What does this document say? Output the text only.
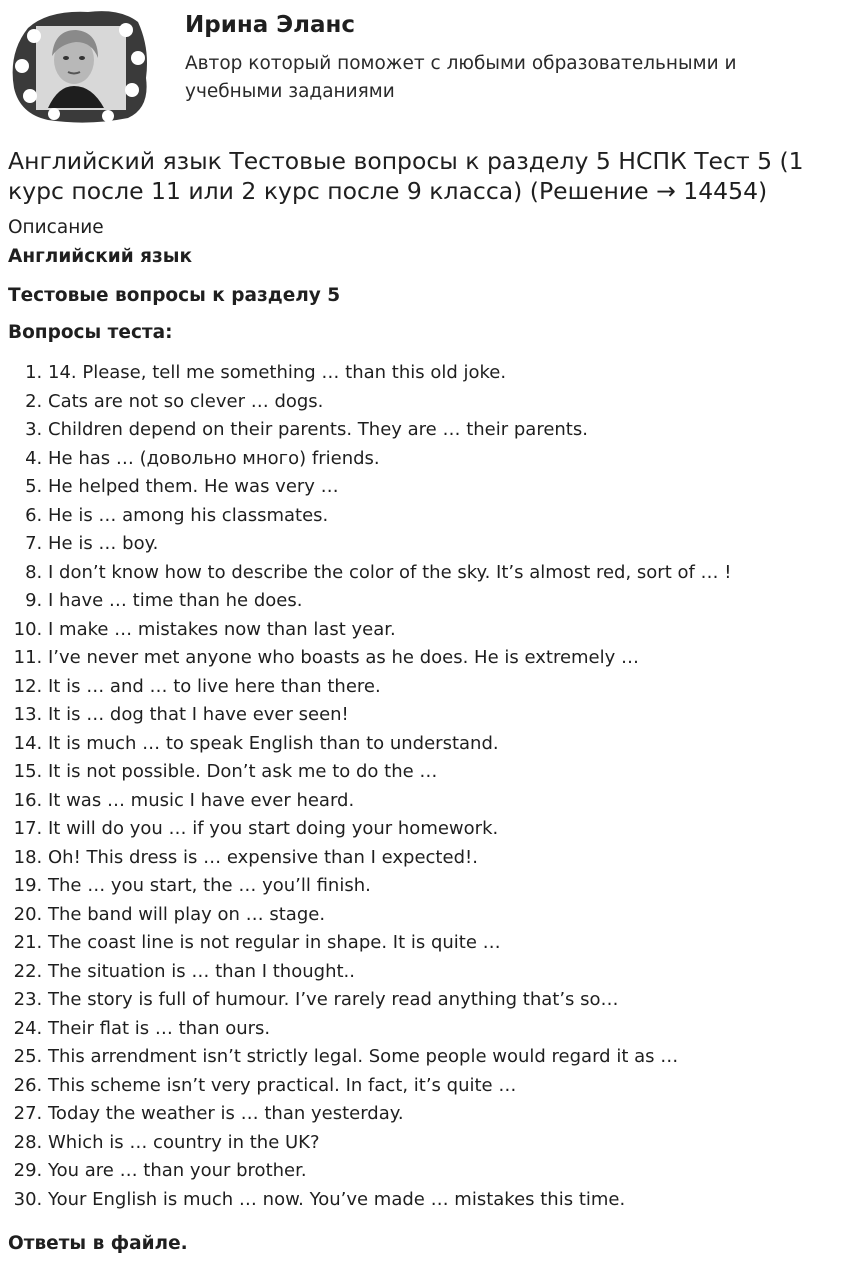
Ирина Эланс
Автор который поможет с любыми образовательными и учебными заданиями
Английский язык Тестовые вопросы к разделу 5 НСПК Тест 5 (1 курс после 11 или 2 курс после 9 класса) (Решение → 14454)
Описание
Английский язык
Тестовые вопросы к разделу 5
Вопросы теста:
1. 14. Please, tell me something … than this old joke.
2. Cats are not so clever … dogs.
3. Children depend on their parents. They are … their parents.
4. He has … (довольно много) friends.
5. He helped them. He was very …
6. He is … among his classmates.
7. He is … boy.
8. I don’t know how to describe the color of the sky. It’s almost red, sort of … !
9. I have … time than he does.
10. I make … mistakes now than last year.
11. I’ve never met anyone who boasts as he does. He is extremely …
12. It is … and … to live here than there.
13. It is … dog that I have ever seen!
14. It is much … to speak English than to understand.
15. It is not possible. Don’t ask me to do the …
16. It was … music I have ever heard.
17. It will do you … if you start doing your homework.
18. Oh! This dress is … expensive than I expected!.
19. The … you start, the … you’ll finish.
20. The band will play on … stage.
21. The coast line is not regular in shape. It is quite …
22. The situation is … than I thought..
23. The story is full of humour. I’ve rarely read anything that’s so…
24. Their flat is … than ours.
25. This arrendment isn’t strictly legal. Some people would regard it as …
26. This scheme isn’t very practical. In fact, it’s quite …
27. Today the weather is … than yesterday.
28. Which is … country in the UK?
29. You are … than your brother.
30. Your English is much … now. You’ve made … mistakes this time.
Ответы в файле.
